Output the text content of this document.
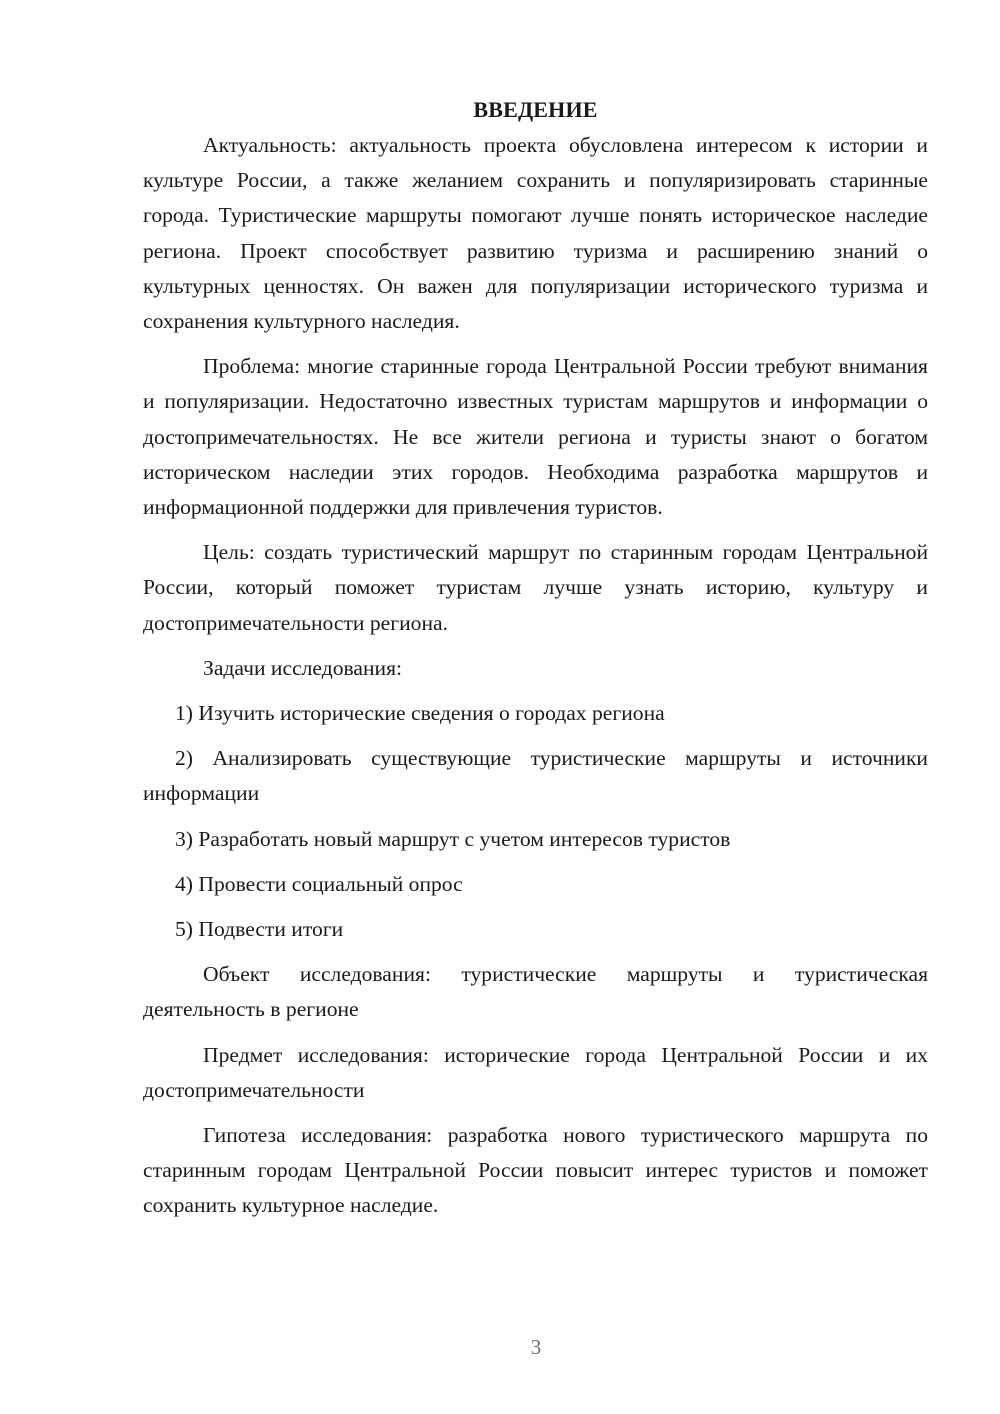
ВВЕДЕНИЕ

Актуальность: актуальность проекта обусловлена интересом к истории и культуре России, а также желанием сохранить и популяризировать старинные города. Туристические маршруты помогают лучше понять историческое наследие региона. Проект способствует развитию туризма и расширению знаний о культурных ценностях. Он важен для популяризации исторического туризма и сохранения культурного наследия.

Проблема: многие старинные города Центральной России требуют внимания и популяризации. Недостаточно известных туристам маршрутов и информации о достопримечательностях. Не все жители региона и туристы знают о богатом историческом наследии этих городов. Необходима разработка маршрутов и информационной поддержки для привлечения туристов.

Цель: создать туристический маршрут по старинным городам Центральной России, который поможет туристам лучше узнать историю, культуру и достопримечательности региона.

Задачи исследования:

1) Изучить исторические сведения о городах региона

2) Анализировать существующие туристические маршруты и источники информации

3) Разработать новый маршрут с учетом интересов туристов

4) Провести социальный опрос

5) Подвести итоги

Объект исследования: туристические маршруты и туристическая деятельность в регионе

Предмет исследования: исторические города Центральной России и их достопримечательности

Гипотеза исследования: разработка нового туристического маршрута по старинным городам Центральной России повысит интерес туристов и поможет сохранить культурное наследие.

3
